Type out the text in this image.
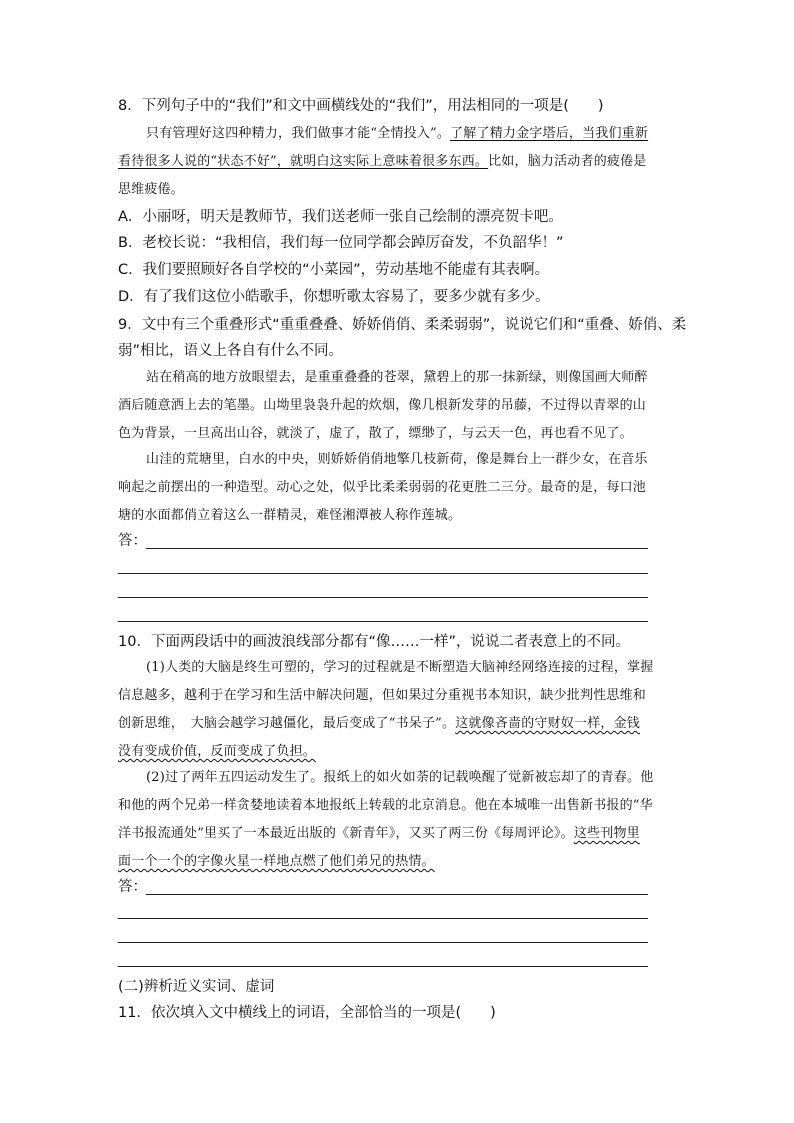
8．下列句子中的“我们”和文中画横线处的“我们”，用法相同的一项是(　　)
只有管理好这四种精力，我们做事才能“全情投入”。了解了精力金字塔后，当我们重新
看待很多人说的“状态不好”，就明白这实际上意味着很多东西。比如，脑力活动者的疲倦是
思维疲倦。
A．小丽呀，明天是教师节，我们送老师一张自己绘制的漂亮贺卡吧。
B．老校长说：“我相信，我们每一位同学都会踔厉奋发，不负韶华！”
C．我们要照顾好各自学校的“小菜园”，劳动基地不能虚有其表啊。
D．有了我们这位小皓歌手，你想听歌太容易了，要多少就有多少。
9．文中有三个重叠形式“重重叠叠、娇娇俏俏、柔柔弱弱”，说说它们和“重叠、娇俏、柔
弱”相比，语义上各自有什么不同。
站在稍高的地方放眼望去，是重重叠叠的苍翠，黛碧上的那一抹新绿，则像国画大师醉
酒后随意洒上去的笔墨。山坳里袅袅升起的炊烟，像几根新发芽的吊藤，不过得以青翠的山
色为背景，一旦高出山谷，就淡了，虚了，散了，缥缈了，与云天一色，再也看不见了。
山洼的荒塘里，白水的中央，则娇娇俏俏地擎几枝新荷，像是舞台上一群少女，在音乐
响起之前摆出的一种造型。动心之处，似乎比柔柔弱弱的花更胜二三分。最奇的是，每口池
塘的水面都俏立着这么一群精灵，难怪湘潭被人称作莲城。
答：
10．下面两段话中的画波浪线部分都有“像……一样”，说说二者表意上的不同。
(1)人类的大脑是终生可塑的，学习的过程就是不断塑造大脑神经网络连接的过程，掌握
信息越多，越利于在学习和生活中解决问题，但如果过分重视书本知识，缺少批判性思维和
创新思维，　大脑会越学习越僵化，最后变成了“书呆子”。这就像吝啬的守财奴一样，金钱
没有变成价值，反而变成了负担。
(2)过了两年五四运动发生了。报纸上的如火如荼的记载唤醒了觉新被忘却了的青春。他
和他的两个兄弟一样贪婪地读着本地报纸上转载的北京消息。他在本城唯一出售新书报的“华
洋书报流通处”里买了一本最近出版的《新青年》，又买了两三份《每周评论》。这些刊物里
面一个一个的字像火星一样地点燃了他们弟兄的热情。
答：
(二)辨析近义实词、虚词
11．依次填入文中横线上的词语，全部恰当的一项是(　　)
